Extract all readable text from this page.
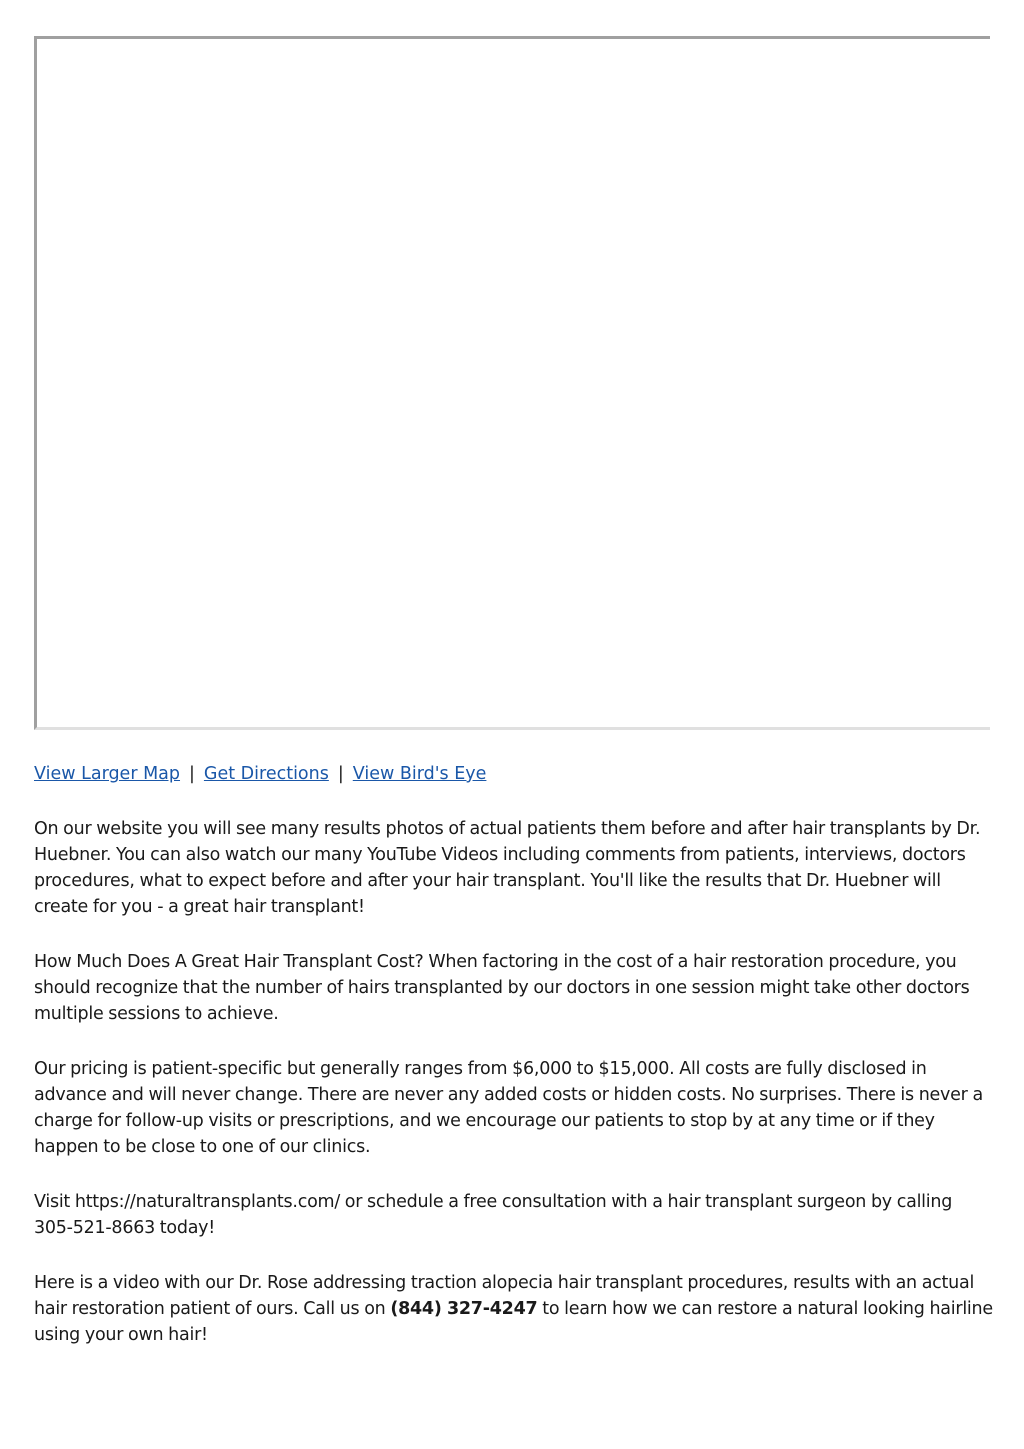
View Larger Map | Get Directions | View Bird's Eye

On our website you will see many results photos of actual patients them before and after hair transplants by Dr. Huebner. You can also watch our many YouTube Videos including comments from patients, interviews, doctors procedures, what to expect before and after your hair transplant. You'll like the results that Dr. Huebner will create for you - a great hair transplant!

How Much Does A Great Hair Transplant Cost? When factoring in the cost of a hair restoration procedure, you should recognize that the number of hairs transplanted by our doctors in one session might take other doctors multiple sessions to achieve.

Our pricing is patient-specific but generally ranges from $6,000 to $15,000. All costs are fully disclosed in advance and will never change. There are never any added costs or hidden costs. No surprises. There is never a charge for follow-up visits or prescriptions, and we encourage our patients to stop by at any time or if they happen to be close to one of our clinics.

Visit https://naturaltransplants.com/ or schedule a free consultation with a hair transplant surgeon by calling 305-521-8663 today!

Here is a video with our Dr. Rose addressing traction alopecia hair transplant procedures, results with an actual hair restoration patient of ours. Call us on (844) 327-4247 to learn how we can restore a natural looking hairline using your own hair!
